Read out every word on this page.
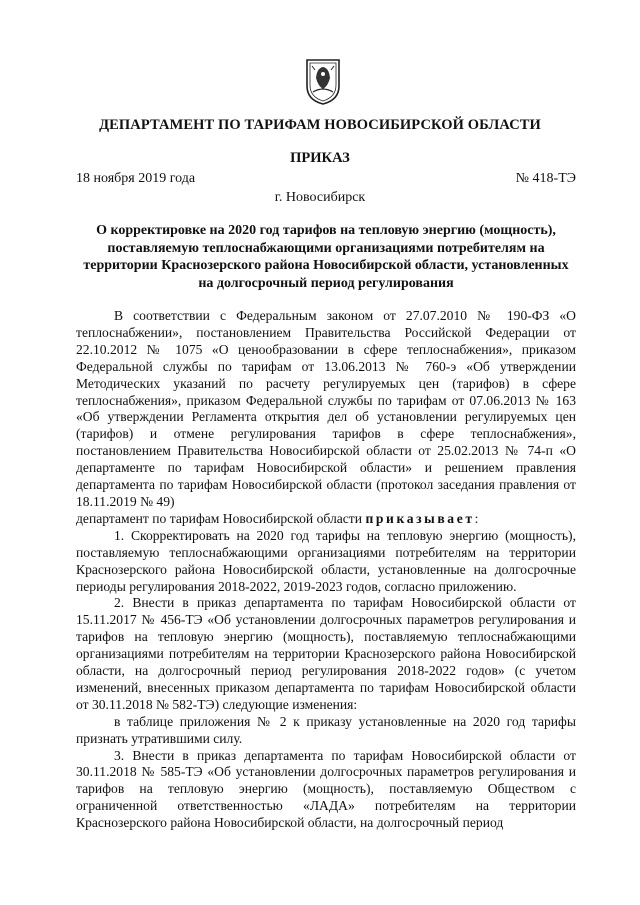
ДЕПАРТАМЕНТ ПО ТАРИФАМ НОВОСИБИРСКОЙ ОБЛАСТИ
ПРИКАЗ
18 ноября 2019 года	№ 418-ТЭ
г. Новосибирск
О корректировке на 2020 год тарифов на тепловую энергию (мощность), поставляемую теплоснабжающими организациями потребителям на территории Краснозерского района Новосибирской области, установленных на долгосрочный период регулирования

В соответствии с Федеральным законом от 27.07.2010 № 190-ФЗ «О теплоснабжении», постановлением Правительства Российской Федерации от 22.10.2012 № 1075 «О ценообразовании в сфере теплоснабжения», приказом Федеральной службы по тарифам от 13.06.2013 № 760-э «Об утверждении Методических указаний по расчету регулируемых цен (тарифов) в сфере теплоснабжения», приказом Федеральной службы по тарифам от 07.06.2013 № 163 «Об утверждении Регламента открытия дел об установлении регулируемых цен (тарифов) и отмене регулирования тарифов в сфере теплоснабжения», постановлением Правительства Новосибирской области от 25.02.2013 № 74-п «О департаменте по тарифам Новосибирской области» и решением правления департамента по тарифам Новосибирской области (протокол заседания правления от 18.11.2019 № 49)

департамент по тарифам Новосибирской области приказывает:

1. Скорректировать на 2020 год тарифы на тепловую энергию (мощность), поставляемую теплоснабжающими организациями потребителям на территории Краснозерского района Новосибирской области, установленные на долгосрочные периоды регулирования 2018-2022, 2019-2023 годов, согласно приложению.

2. Внести в приказ департамента по тарифам Новосибирской области от 15.11.2017 № 456-ТЭ «Об установлении долгосрочных параметров регулирования и тарифов на тепловую энергию (мощность), поставляемую теплоснабжающими организациями потребителям на территории Краснозерского района Новосибирской области, на долгосрочный период регулирования 2018-2022 годов» (с учетом изменений, внесенных приказом департамента по тарифам Новосибирской области от 30.11.2018 № 582-ТЭ) следующие изменения:

в таблице приложения № 2 к приказу установленные на 2020 год тарифы признать утратившими силу.

3. Внести в приказ департамента по тарифам Новосибирской области от 30.11.2018 № 585-ТЭ «Об установлении долгосрочных параметров регулирования и тарифов на тепловую энергию (мощность), поставляемую Обществом с ограниченной ответственностью «ЛАДА» потребителям на территории Краснозерского района Новосибирской области, на долгосрочный период
